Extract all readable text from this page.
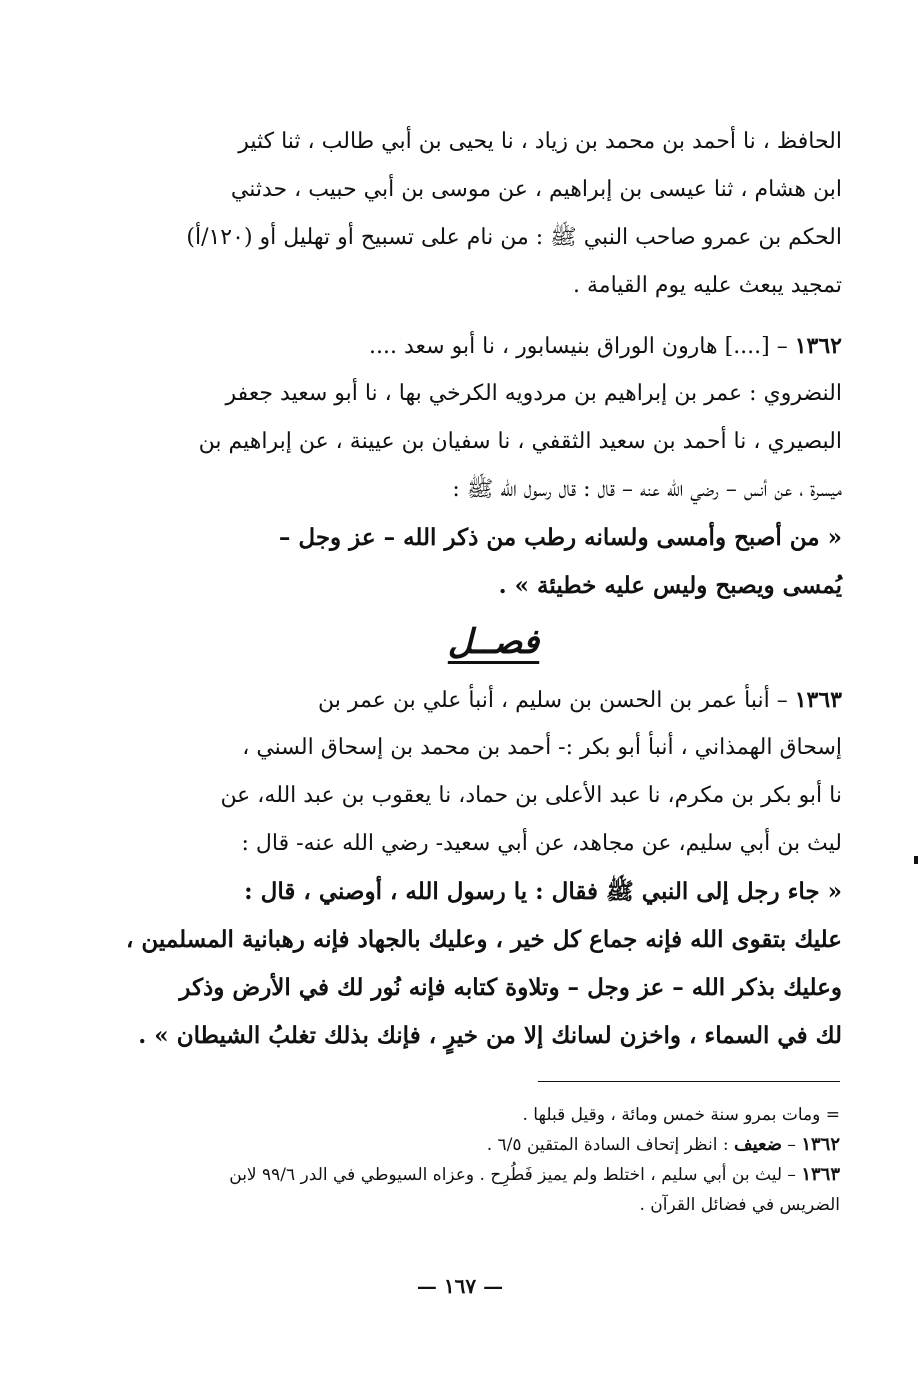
الحافظ ، نا أحمد بن محمد بن زياد ، نا يحيى بن أبي طالب ، ثنا كثير
ابن هشام ، ثنا عيسى بن إبراهيم ، عن موسى بن أبي حبيب ، حدثني
الحكم بن عمرو صاحب النبي ﷺ : من نام على تسبيح أو تهليل أو (١٢٠/أ)
تمجيد يبعث عليه يوم القيامة .
١٣٦٢ – [....] هارون الوراق بنيسابور ، نا أبو سعد ....
النضروي : عمر بن إبراهيم بن مردويه الكرخي بها ، نا أبو سعيد جعفر
البصيري ، نا أحمد بن سعيد الثقفي ، نا سفيان بن عيينة ، عن إبراهيم بن
ميسرة ، عن أنس – رضي الله عنه – قال : قال رسول الله ﷺ :
« من أصبح وأمسى ولسانه رطب من ذكر الله – عز وجل –
يُمسى ويصبح وليس عليه خطيئة » .
فصــل
١٣٦٣ – أنبأ عمر بن الحسن بن سليم ، أنبأ علي بن عمر بن
إسحاق الهمذاني ، أنبأ أبو بكر :- أحمد بن محمد بن إسحاق السني ،
نا أبو بكر بن مكرم، نا عبد الأعلى بن حماد، نا يعقوب بن عبد الله، عن
ليث بن أبي سليم، عن مجاهد، عن أبي سعيد- رضي الله عنه- قال :
« جاء رجل إلى النبي ﷺ فقال : يا رسول الله ، أوصني ، قال :
عليك بتقوى الله فإنه جماع كل خير ، وعليك بالجهاد فإنه رهبانية المسلمين ،
وعليك بذكر الله – عز وجل – وتلاوة كتابه فإنه نُور لك في الأرض وذكر
لك في السماء ، واخزن لسانك إلا من خيرٍ ، فإنك بذلك تغلبُ الشيطان » .
= ومات بمرو سنة خمس ومائة ، وقيل قبلها .
١٣٦٢ – ضعيف : انظر إتحاف السادة المتقين ٦/٥ .
١٣٦٣ – ليث بن أبي سليم ، اختلط ولم يميز فَطُرِح . وعزاه السيوطي في الدر ٩٩/٦ لابن
الضريس في فضائل القرآن .
— ١٦٧ —
